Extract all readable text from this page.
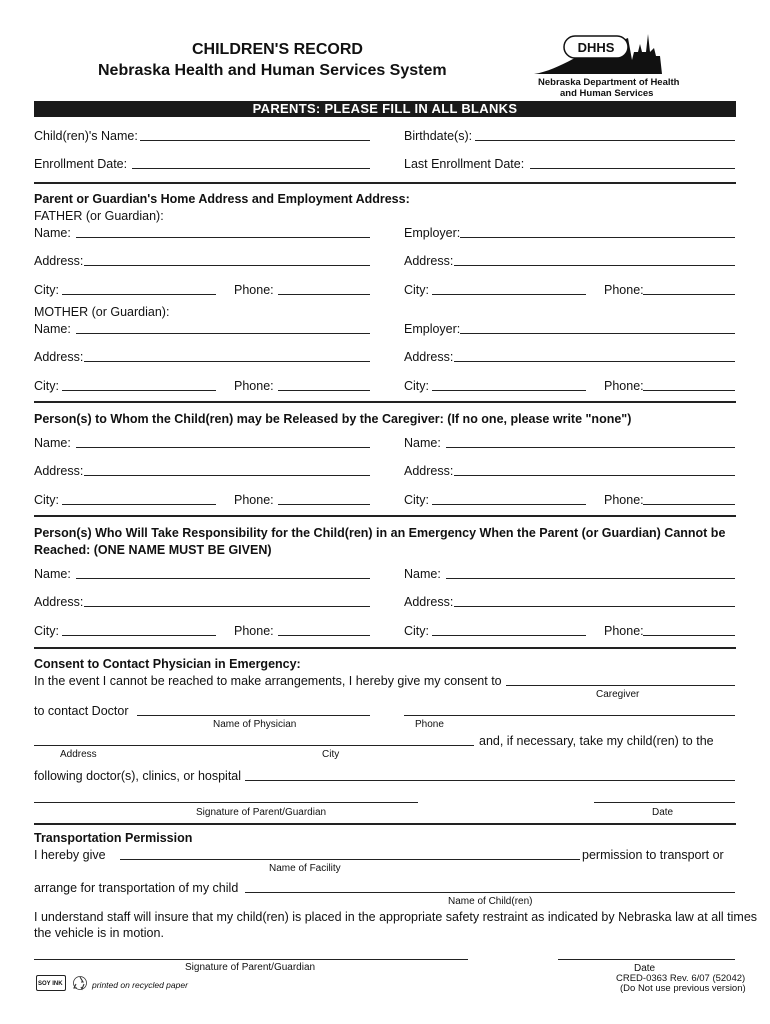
CHILDREN'S RECORD
Nebraska Health and Human Services System
DHHS
Nebraska Department of Health
and Human Services
PARENTS: PLEASE FILL IN ALL BLANKS
Child(ren)'s Name:	Birthdate(s):
Enrollment Date:	Last Enrollment Date:
Parent or Guardian's Home Address and Employment Address:
FATHER (or Guardian):
Name:	Employer:
Address:	Address:
City:	Phone:	City:	Phone:
MOTHER (or Guardian):
Name:	Employer:
Address:	Address:
City:	Phone:	City:	Phone:
Person(s) to Whom the Child(ren) may be Released by the Caregiver: (If no one, please write "none")
Name:	Name:
Address:	Address:
City:	Phone:	City:	Phone:
Person(s) Who Will Take Responsibility for the Child(ren) in an Emergency When the Parent (or Guardian) Cannot be
Reached: (ONE NAME MUST BE GIVEN)
Name:	Name:
Address:	Address:
City:	Phone:	City:	Phone:
Consent to Contact Physician in Emergency:
In the event I cannot be reached to make arrangements, I hereby give my consent to
Caregiver
to contact Doctor
Name of Physician	Phone
and, if necessary, take my child(ren) to the
Address	City
following doctor(s), clinics, or hospital
Signature of Parent/Guardian	Date
Transportation Permission
I hereby give	permission to transport or
Name of Facility
arrange for transportation of my child
Name of Child(ren)
I understand staff will insure that my child(ren) is placed in the appropriate safety restraint as indicated by Nebraska law at all times
the vehicle is in motion.
Signature of Parent/Guardian	Date
SOY INK	printed on recycled paper
CRED-0363 Rev. 6/07 (52042)
(Do Not use previous version)
